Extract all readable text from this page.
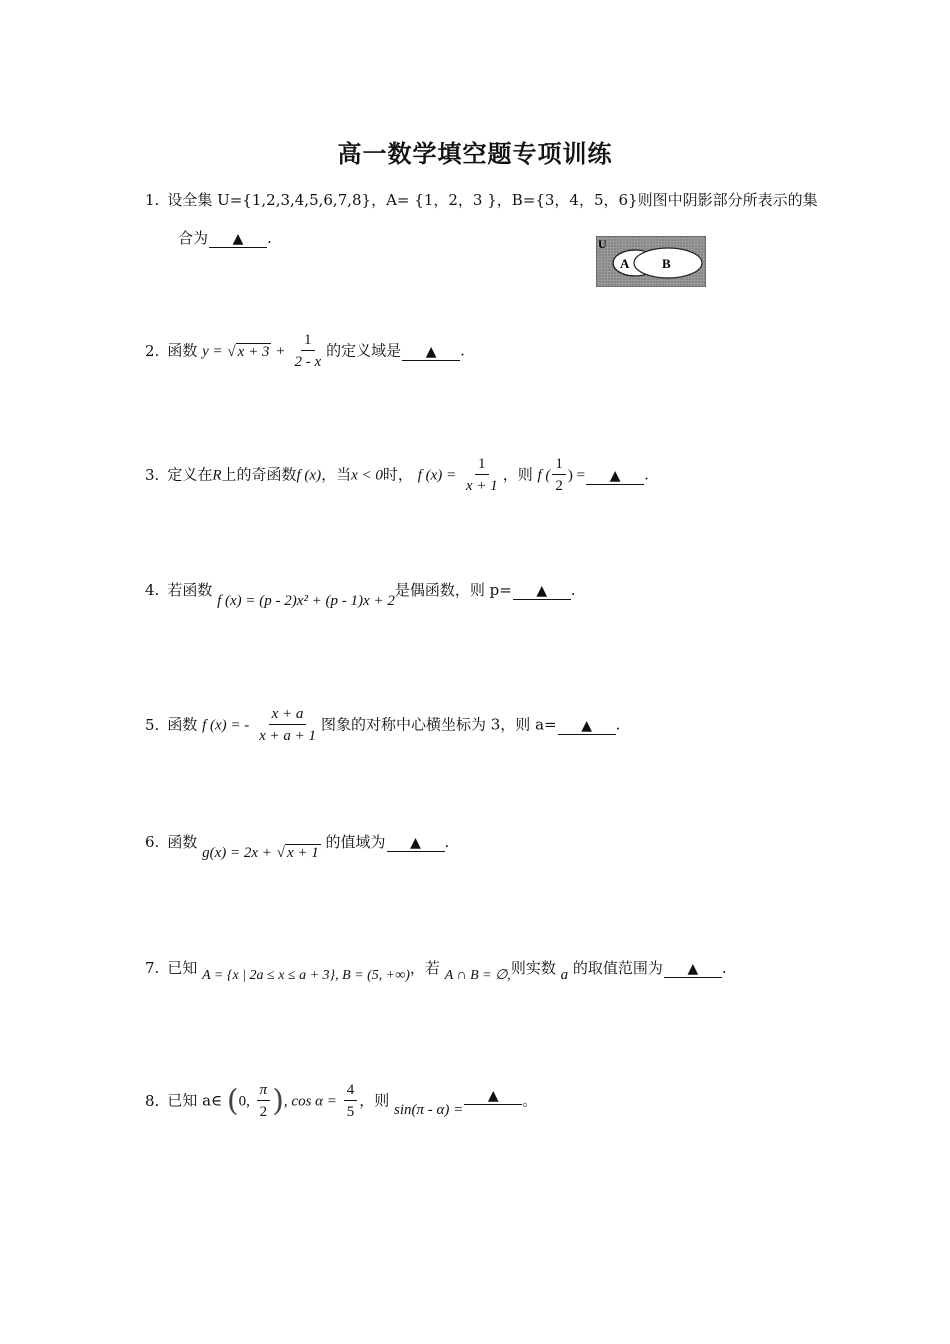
高一数学填空题专项训练
1. 设全集 U={1,2,3,4,5,6,7,8}，A= {1，2，3 }，B={3，4，5，6}则图中阴影部分所表示的集
合为 ▲ .	U
A	B
2. 函数 y = √ $x + 3 + \frac{1}{2 - x}$ 的定义域是 ▲ .
3. 定义在R上的奇函数f (x)，当x < 0时， f $(x) = \frac{1}{x + 1}$ ，则 f ( $\frac{1}{2}$ ) = ▲ .
4. 若函数 f (x) = (p - 2)x² + (p - 1)x + 2是偶函数，则 p= ▲ .
5. 函数 f (x) = - $\frac{x + a}{x + a + 1}$ 图象的对称中心横坐标为 3，则 a= ▲ .
6. 函数 g(x) = 2x + √ x + 1 的值域为 ▲ .
7. 已知 A = {x | 2a ≤ x ≤ a + 3}, B = (5, +∞)，若 A ∩ B = ∅,则实数 a 的取值范围为 ▲ .
8. 已知 a∈ (0, $\frac{\pi}{2}$ ), $\cos \alpha = \frac{4}{5}$ ，则 sin(π - α) =▲ 。
